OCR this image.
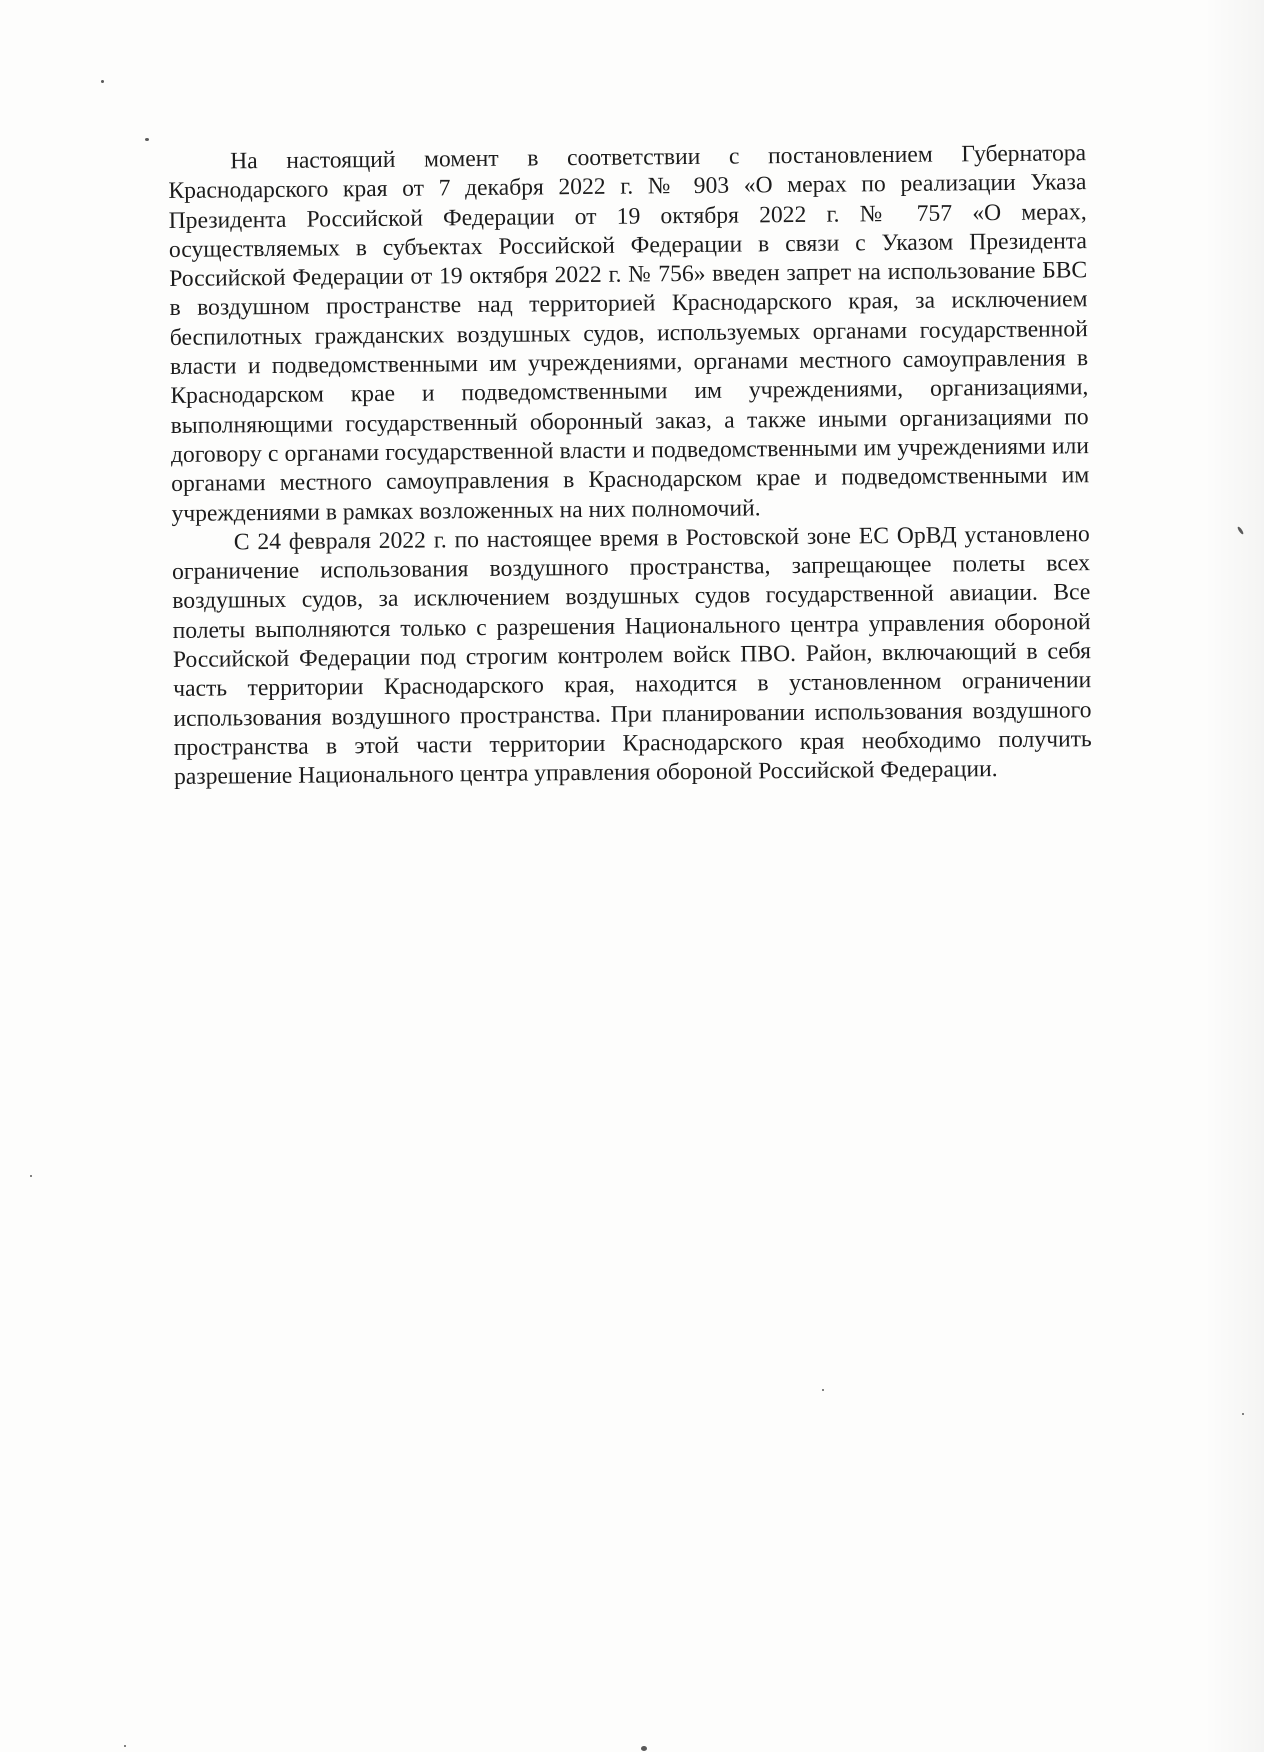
На настоящий момент в соответствии с постановлением Губернатора Краснодарского края от 7 декабря 2022 г. № 903 «О мерах по реализации Указа Президента Российской Федерации от 19 октября 2022 г. № 757 «О мерах, осуществляемых в субъектах Российской Федерации в связи с Указом Президента Российской Федерации от 19 октября 2022 г. № 756» введен запрет на использование БВС в воздушном пространстве над территорией Краснодарского края, за исключением беспилотных гражданских воздушных судов, используемых органами государственной власти и подведомственными им учреждениями, органами местного самоуправления в Краснодарском крае и подведомственными им учреждениями, организациями, выполняющими государственный оборонный заказ, а также иными организациями по договору с органами государственной власти и подведомственными им учреждениями или органами местного самоуправления в Краснодарском крае и подведомственными им учреждениями в рамках возложенных на них полномочий.

С 24 февраля 2022 г. по настоящее время в Ростовской зоне ЕС ОрВД установлено ограничение использования воздушного пространства, запрещающее полеты всех воздушных судов, за исключением воздушных судов государственной авиации. Все полеты выполняются только с разрешения Национального центра управления обороной Российской Федерации под строгим контролем войск ПВО. Район, включающий в себя часть территории Краснодарского края, находится в установленном ограничении использования воздушного пространства. При планировании использования воздушного пространства в этой части территории Краснодарского края необходимо получить разрешение Национального центра управления обороной Российской Федерации.
